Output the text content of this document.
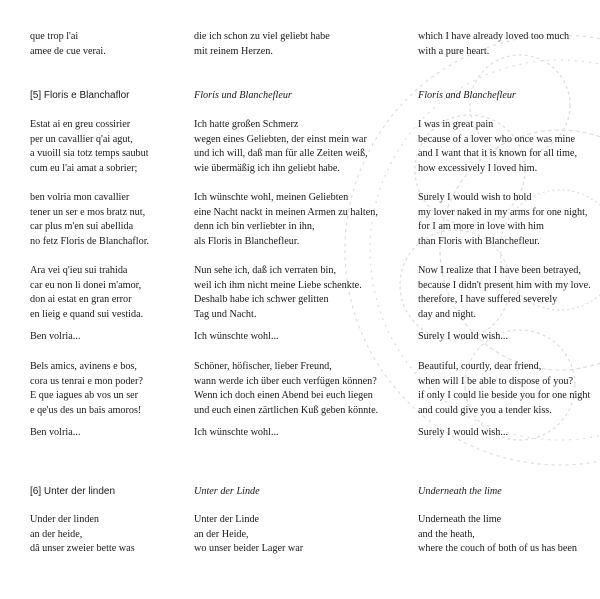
que trop l'ai
amee de cue verai.
[5] Floris e Blanchaflor
Estat ai en greu cossirier
per un cavallier q'ai agut,
a vuoill sia totz temps saubut
cum eu l'ai amat a sobrier;
ben volria mon cavallier
tener un ser e mos bratz nut,
car plus m'en sui abellida
no fetz Floris de Blanchaflor.
Ara vei q'ieu sui trahida
car eu non li donei m'amor,
don ai estat en gran error
en lieig e quand sui vestida.
Ben volria...
Bels amics, avinens e bos,
cora us tenrai e mon poder?
E que iagues ab vos un ser
e qe'us des un bais amoros!
Ben volria...
[6] Unter der linden
Under der linden
an der heide,
dâ unser zweier bette was
die ich schon zu viel geliebt habe
mit reinem Herzen.
Floris und Blanchefleur
Ich hatte großen Schmerz
wegen eines Geliebten, der einst mein war
und ich will, daß man für alle Zeiten weiß,
wie übermäßig ich ihn geliebt habe.
Ich wünschte wohl, meinen Geliebten
eine Nacht nackt in meinen Armen zu halten,
denn ich bin verliebter in ihn,
als Floris in Blanchefleur.
Nun sehe ich, daß ich verraten bin,
weil ich ihm nicht meine Liebe schenkte.
Deshalb habe ich schwer gelitten
Tag und Nacht.
Ich wünschte wohl...
Schöner, höfischer, lieber Freund,
wann werde ich über euch verfügen können?
Wenn ich doch einen Abend bei euch liegen
und euch einen zärtlichen Kuß geben könnte.
Ich wünschte wohl...
Unter der Linde
Unter der Linde
an der Heide,
wo unser beider Lager war
which I have already loved too much
with a pure heart.
Floris and Blanchefleur
I was in great pain
because of a lover who once was mine
and I want that it is known for all time,
how excessively I loved him.
Surely I would wish to hold
my lover naked in my arms for one night,
for I am more in love with him
than Floris with Blanchefleur.
Now I realize that I have been betrayed,
because I didn't present him with my love.
therefore, I have suffered severely
day and night.
Surely I would wish...
Beautiful, courtly, dear friend,
when will I be able to dispose of you?
if only I could lie beside you for one night
and could give you a tender kiss.
Surely I would wish...
Underneath the lime
Underneath the lime
and the heath,
where the couch of both of us has been
